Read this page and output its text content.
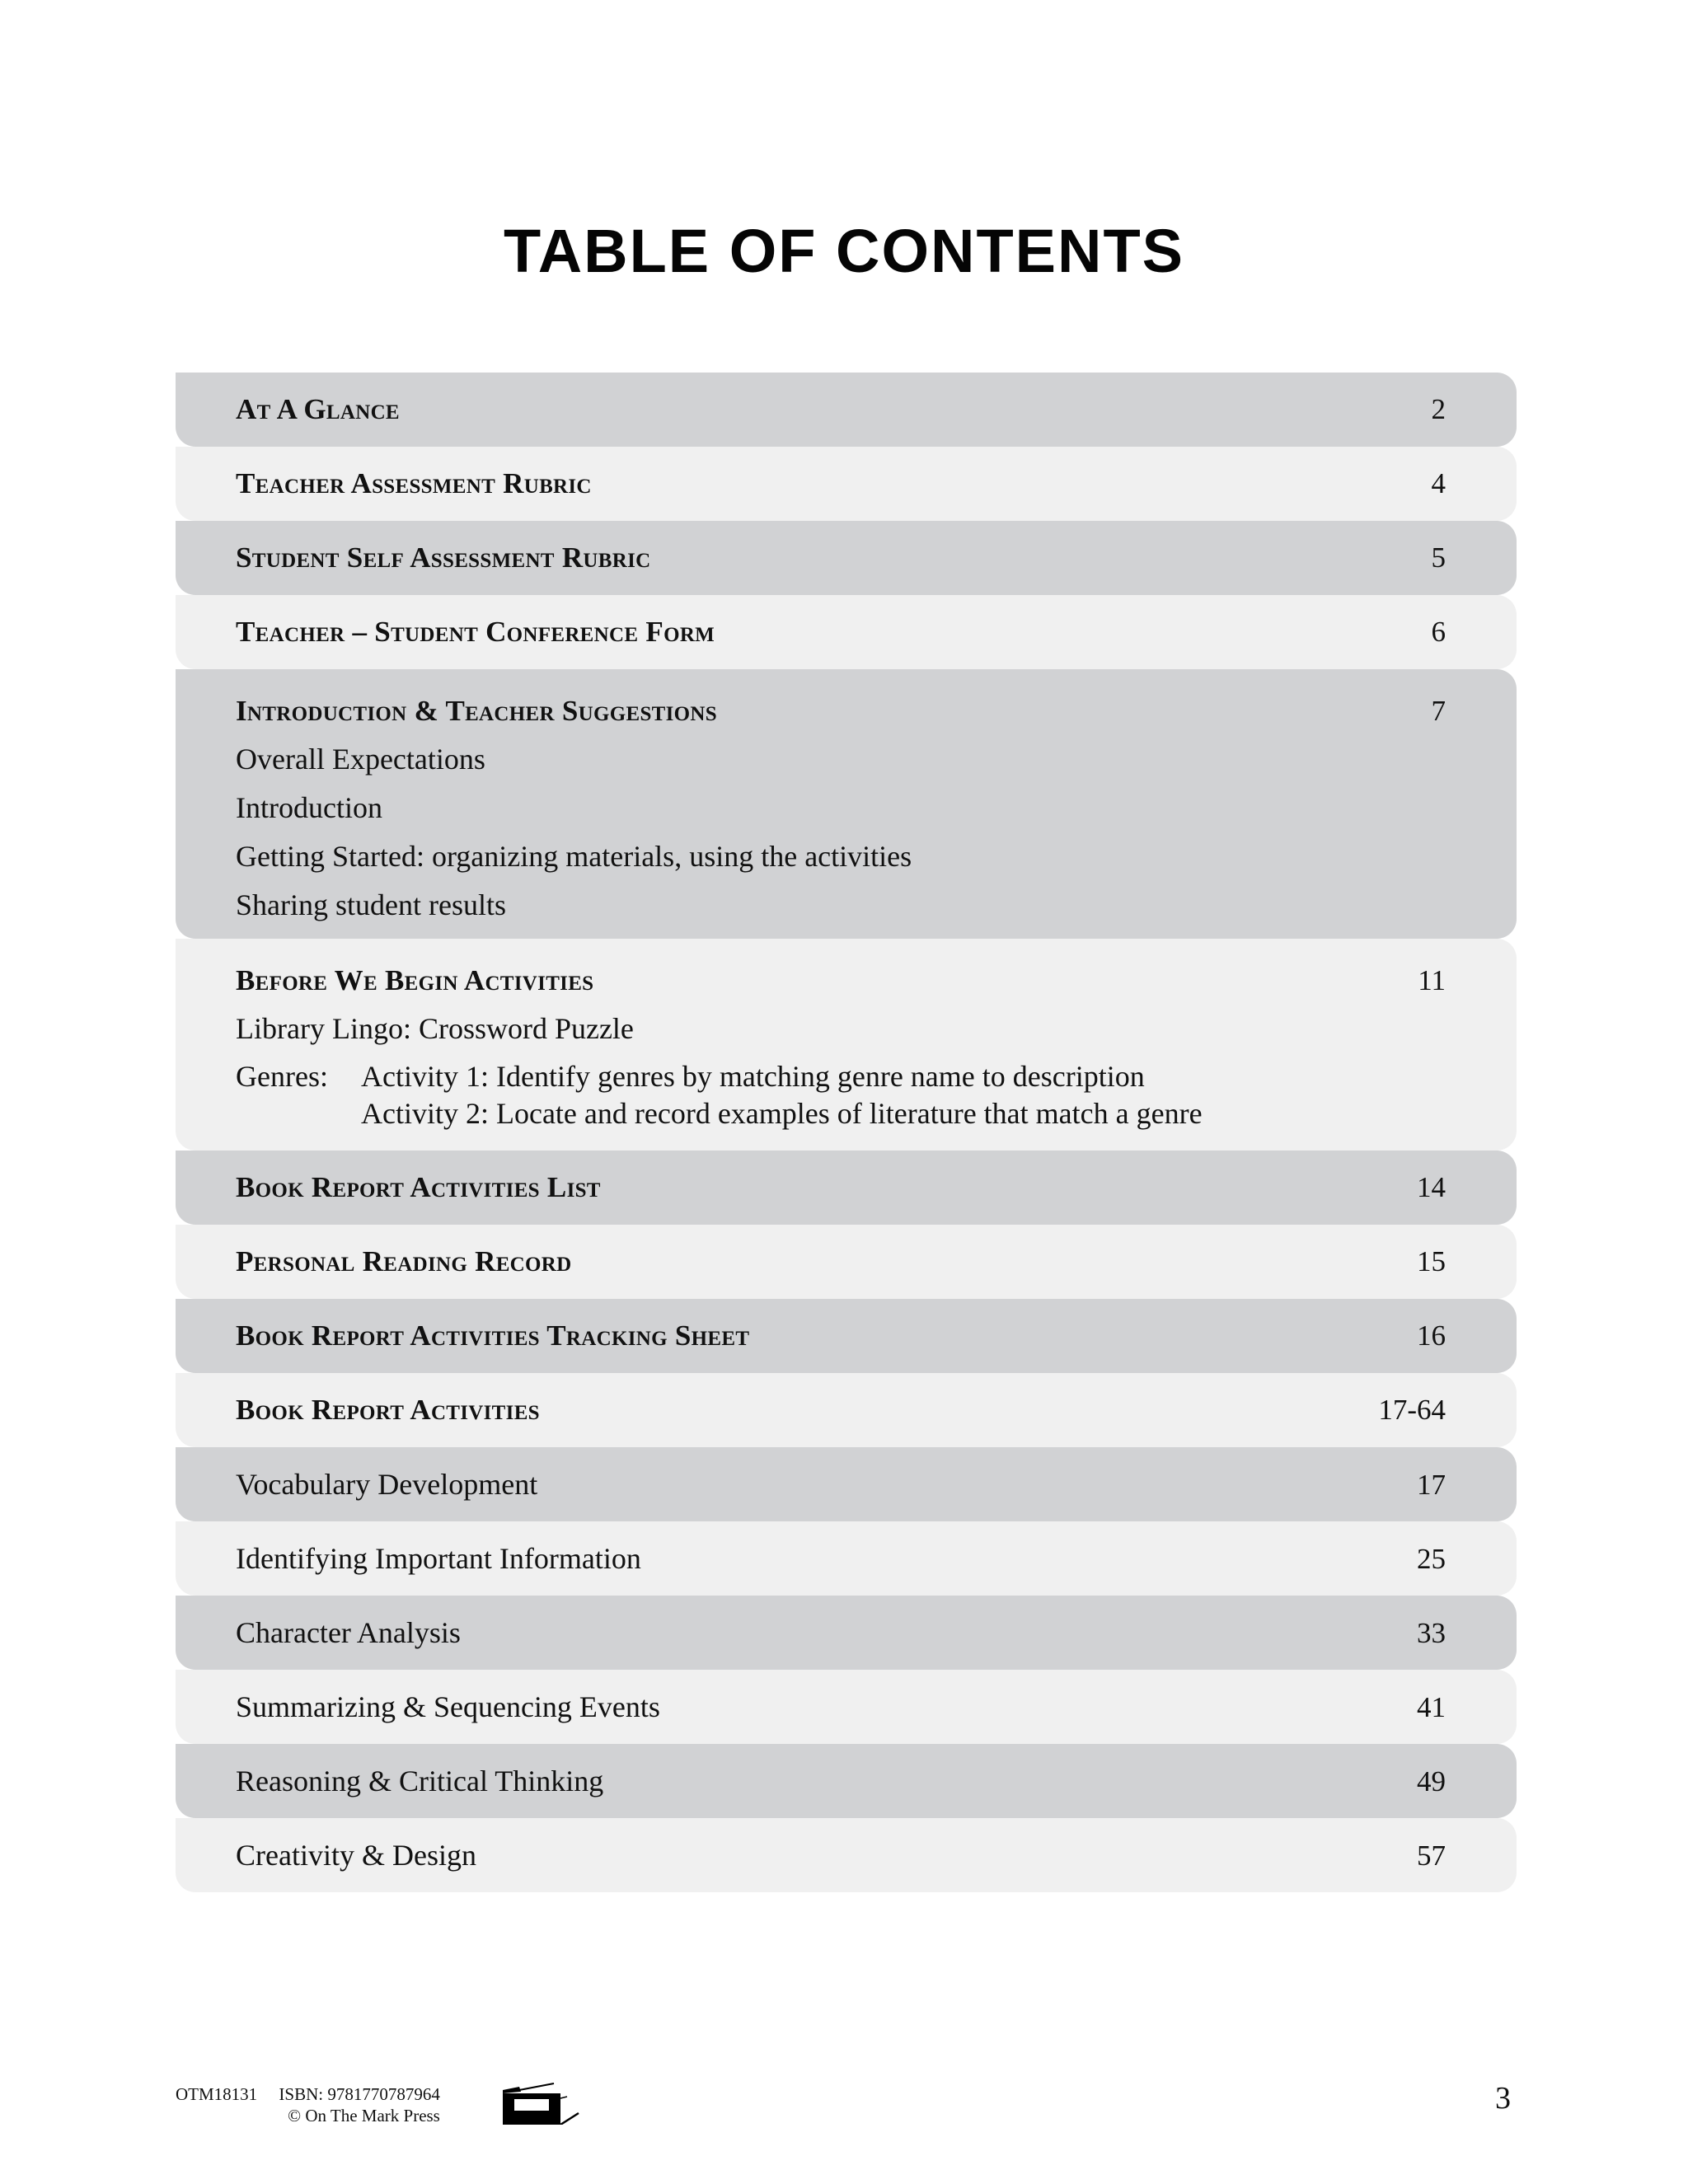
TABLE OF CONTENTS
At A Glance	2
Teacher Assessment Rubric	4
Student Self Assessment Rubric	5
Teacher – Student Conference Form	6
Introduction & Teacher Suggestions	7
Overall Expectations
Introduction
Getting Started: organizing materials, using the activities
Sharing student results
Before We Begin Activities	11
Library Lingo: Crossword Puzzle
Genres:	Activity 1: Identify genres by matching genre name to description
Activity 2: Locate and record examples of literature that match a genre
Book Report Activities List	14
Personal Reading Record	15
Book Report Activities Tracking Sheet	16
Book Report Activities	17-64
Vocabulary Development	17
Identifying Important Information	25
Character Analysis	33
Summarizing & Sequencing Events	41
Reasoning & Critical Thinking	49
Creativity & Design	57
OTM18131 ISBN: 9781770787964
© On The Mark Press	3
